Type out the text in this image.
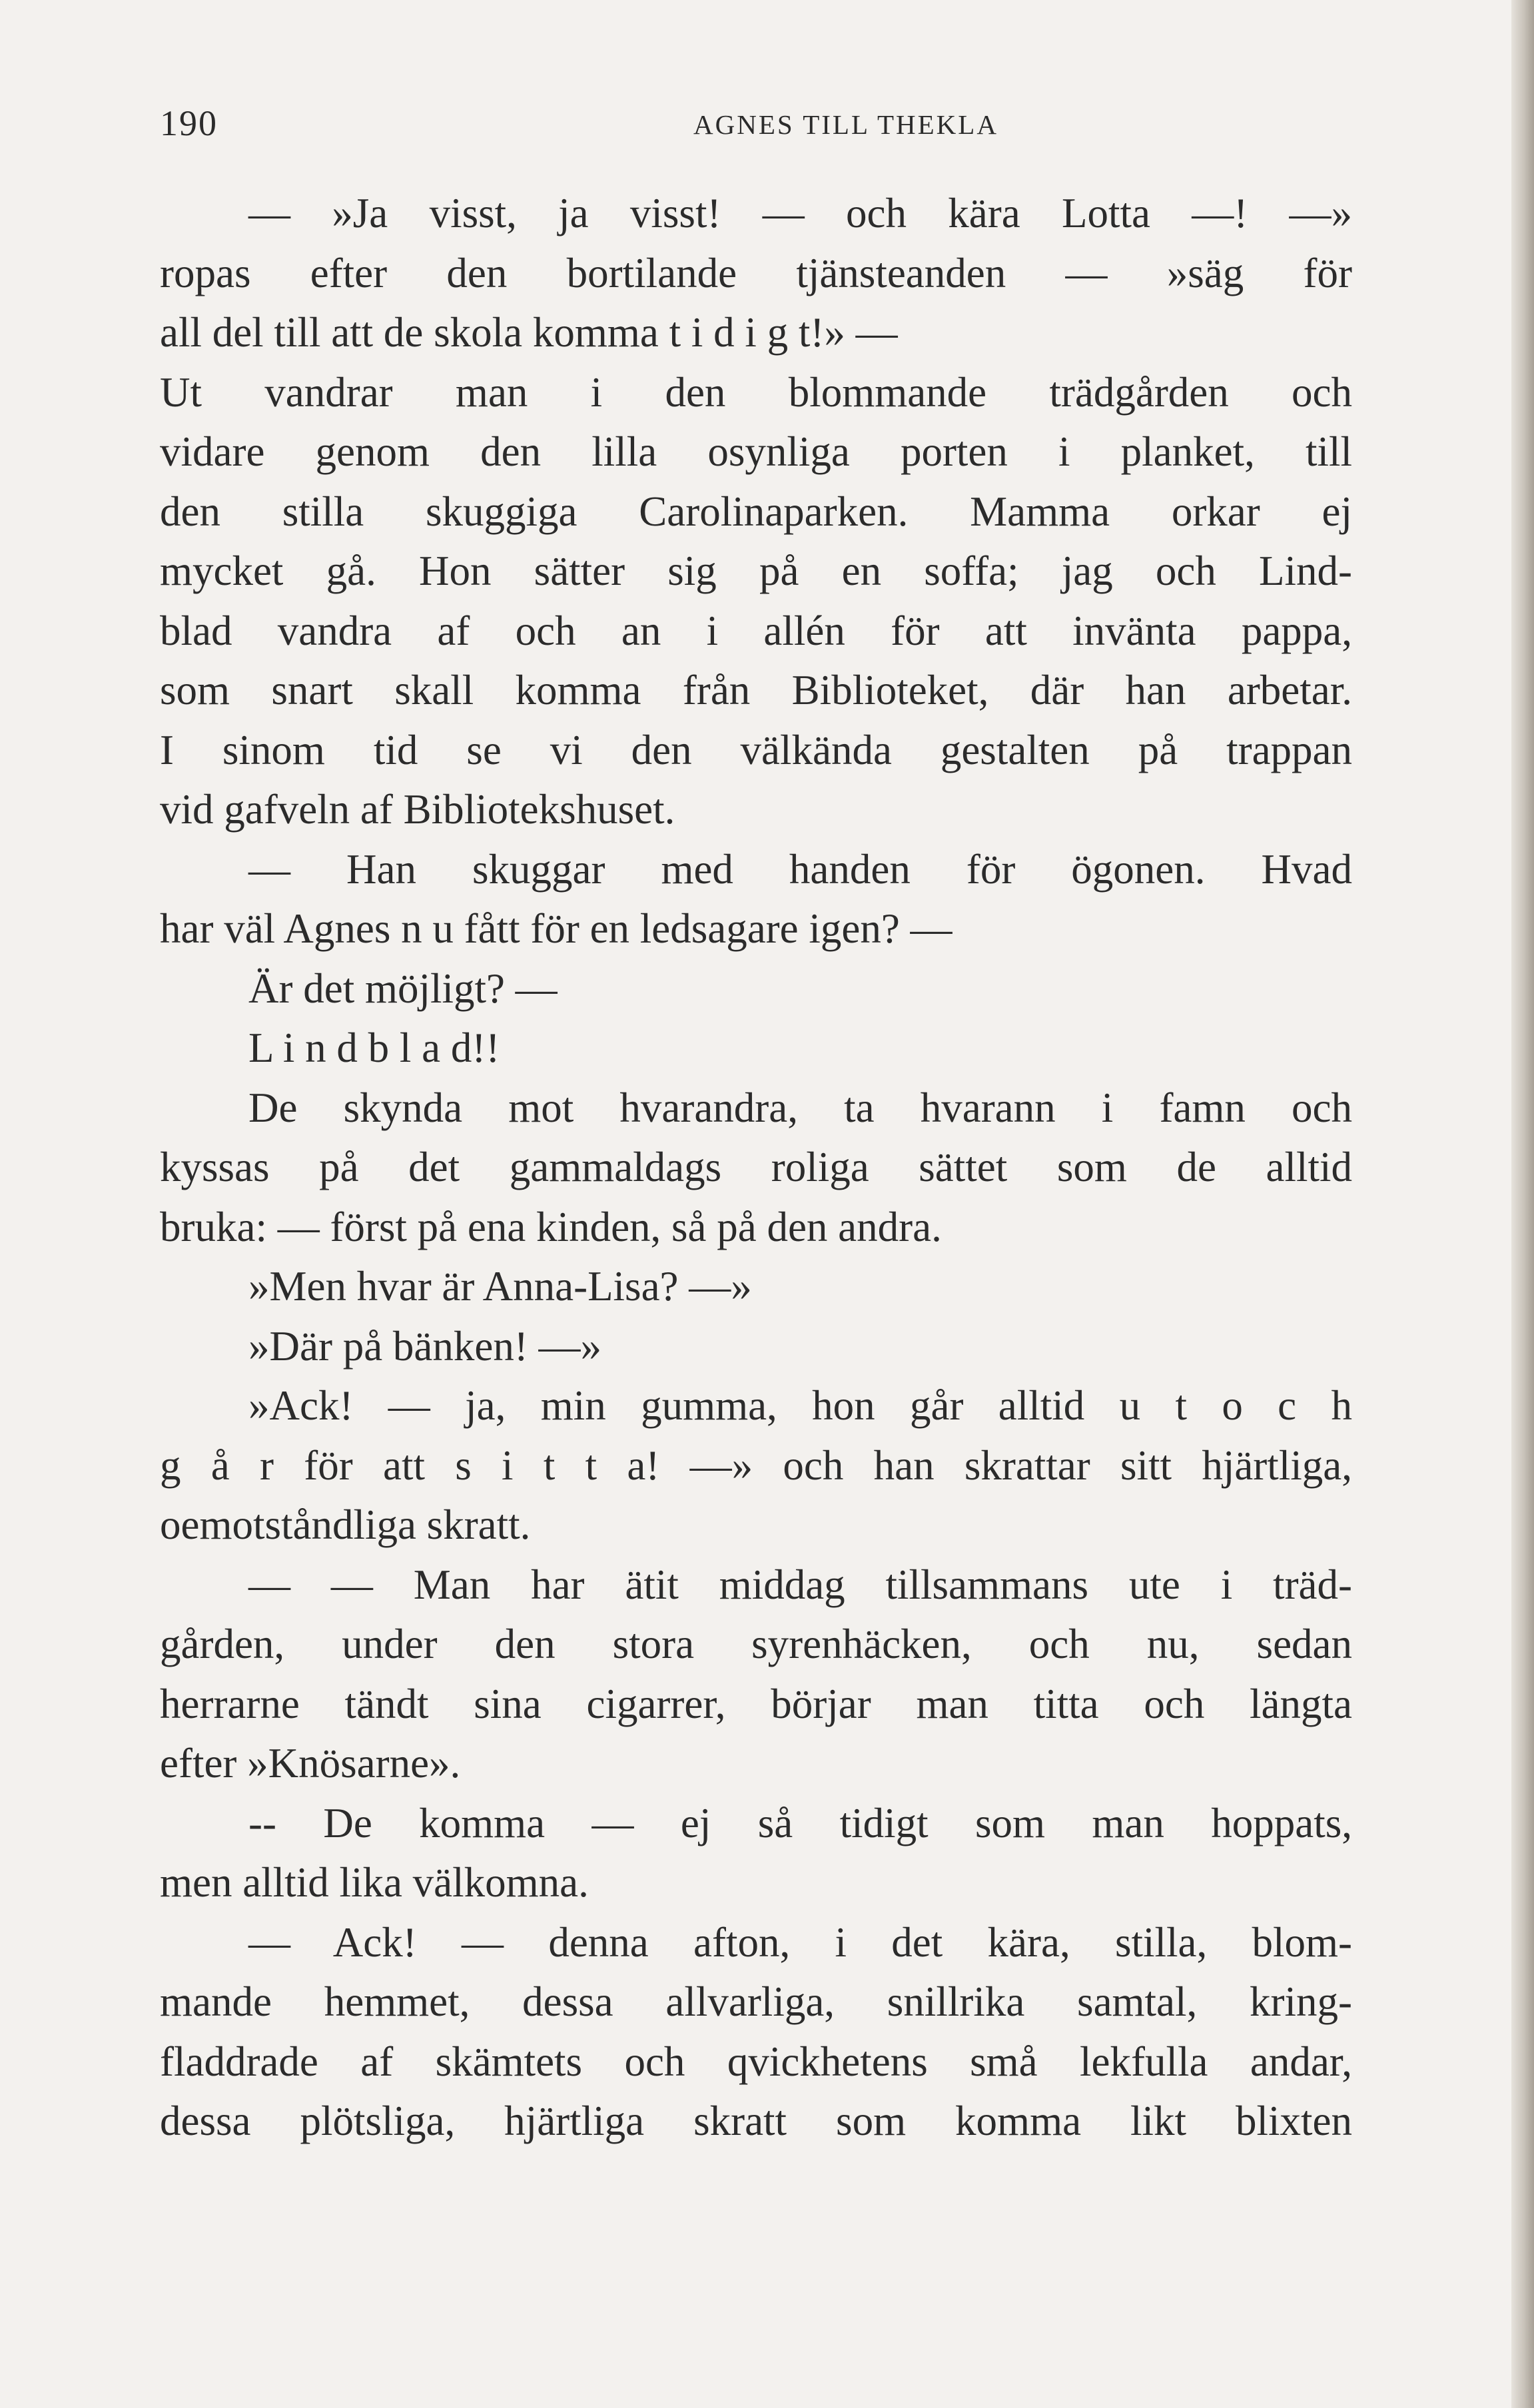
190	AGNES TILL THEKLA
— »Ja visst, ja visst! — och kära Lotta —! —»
ropas efter den bortilande tjänsteanden — »säg för
all del till att de skola komma t i d i g t!» —
Ut vandrar man i den blommande trädgården och
vidare genom den lilla osynliga porten i planket, till
den stilla skuggiga Carolinaparken. Mamma orkar ej
mycket gå. Hon sätter sig på en soffa; jag och Lind-
blad vandra af och an i allén för att invänta pappa,
som snart skall komma från Biblioteket, där han arbetar.
I sinom tid se vi den välkända gestalten på trappan
vid gafveln af Bibliotekshuset.
— Han skuggar med handen för ögonen. Hvad
har väl Agnes n u fått för en ledsagare igen? —
Är det möjligt? —
L i n d b l a d!!
De skynda mot hvarandra, ta hvarann i famn och
kyssas på det gammaldags roliga sättet som de alltid
bruka: — först på ena kinden, så på den andra.
»Men hvar är Anna-Lisa? —»
»Där på bänken! —»
»Ack! — ja, min gumma, hon går alltid u t o c h
g å r för att s i t t a! —» och han skrattar sitt hjärtliga,
oemotståndliga skratt.
— — Man har ätit middag tillsammans ute i träd-
gården, under den stora syrenhäcken, och nu, sedan
herrarne tändt sina cigarrer, börjar man titta och längta
efter »Knösarne».
-- De komma — ej så tidigt som man hoppats,
men alltid lika välkomna.
— Ack! — denna afton, i det kära, stilla, blom-
mande hemmet, dessa allvarliga, snillrika samtal, kring-
fladdrade af skämtets och qvickhetens små lekfulla andar,
dessa plötsliga, hjärtliga skratt som komma likt blixten
